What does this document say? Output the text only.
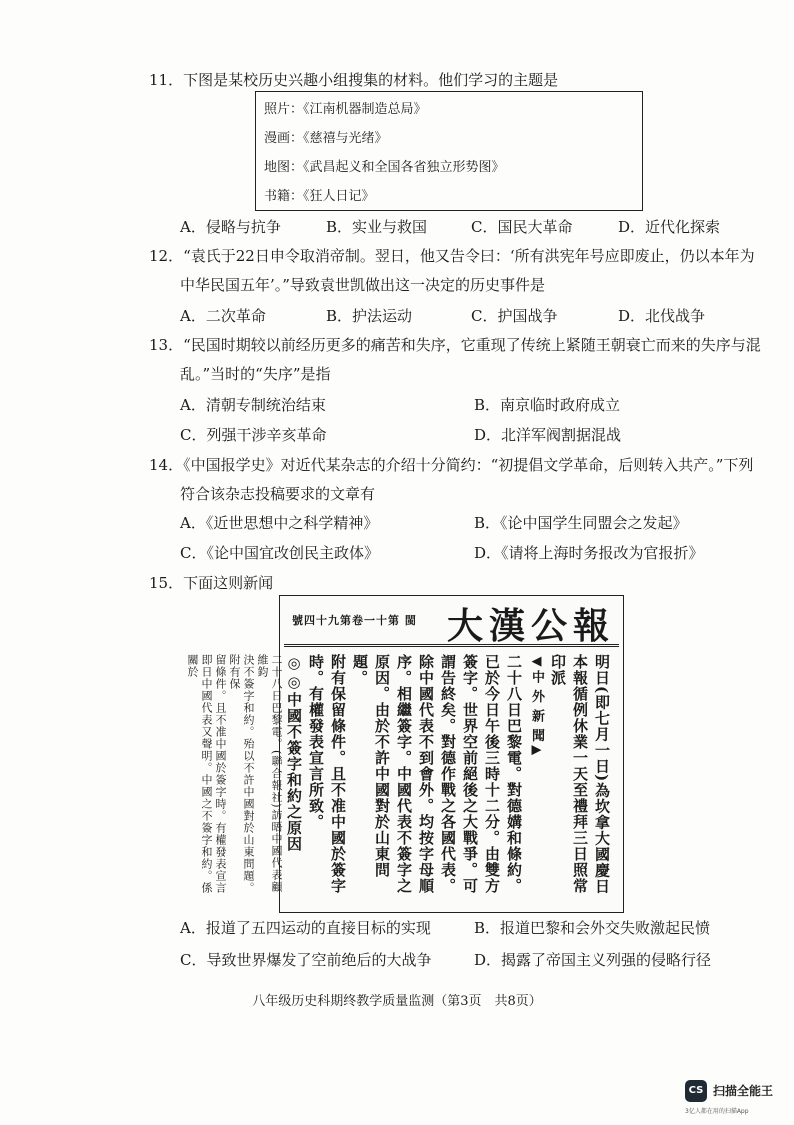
11．下图是某校历史兴趣小组搜集的材料。他们学习的主题是
照片：《江南机器制造总局》
漫画：《慈禧与光绪》
地图：《武昌起义和全国各省独立形势图》
书籍：《狂人日记》
A．侵略与抗争	B．实业与救国	C．国民大革命	D．近代化探索
12．“袁氏于22日申令取消帝制。翌日，他又告令曰：‘所有洪宪年号应即废止，仍以本年为
中华民国五年’。”导致袁世凯做出这一决定的历史事件是
A．二次革命	B．护法运动	C．护国战争	D．北伐战争
13．“民国时期较以前经历更多的痛苦和失序，它重现了传统上紧随王朝衰亡而来的失序与混
乱。”当时的“失序”是指
A．清朝专制统治结束	B．南京临时政府成立
C．列强干涉辛亥革命	D．北洋军阀割据混战
14．《中国报学史》对近代某杂志的介绍十分简约：“初提倡文学革命，后则转入共产。”下列
符合该杂志投稿要求的文章有
A．《近世思想中之科学精神》	B．《论中国学生同盟会之发起》
C．《论中国宜改创民主政体》	D．《请将上海时务报改为官报折》
15．下面这则新闻
大漢公報
號四十九第卷一十第 閩
明日(即七月一日)為坎拿大國慶日
本報循例休業一天至禮拜三日照常
印派
◀中 外 新 聞▶
二十八日巴黎電。對德媾和條約。
已於今日午後三時十二分。由雙方
簽字。世界空前絕後之大戰爭。可
謂告終矣。對德作戰之各國代表。
除中國代表不到會外。均按字母順
序。相繼簽字。中國代表不簽字之
原因。由於不許中國對於山東問題。
附有保留條件。且不准中國於簽字
時。有權發表宣言所致。
◎◎中國不簽字和約之原因
二十八日巴黎電。(聯合報社)訪晤中國代表顧維鈞
決不簽字和約。殆以不許中國對於山東問題。附有保
留條件。且不准中國於簽字時。有權發表宣言
即日中國代表又聲明。中國之不簽字和約。係關於
A．报道了五四运动的直接目标的实现	B．报道巴黎和会外交失败激起民愤
C．导致世界爆发了空前绝后的大战争	D．揭露了帝国主义列强的侵略行径
八年级历史科期终教学质量监测（第3页　共8页）
CS 扫描全能王
3亿人都在用的扫描App
